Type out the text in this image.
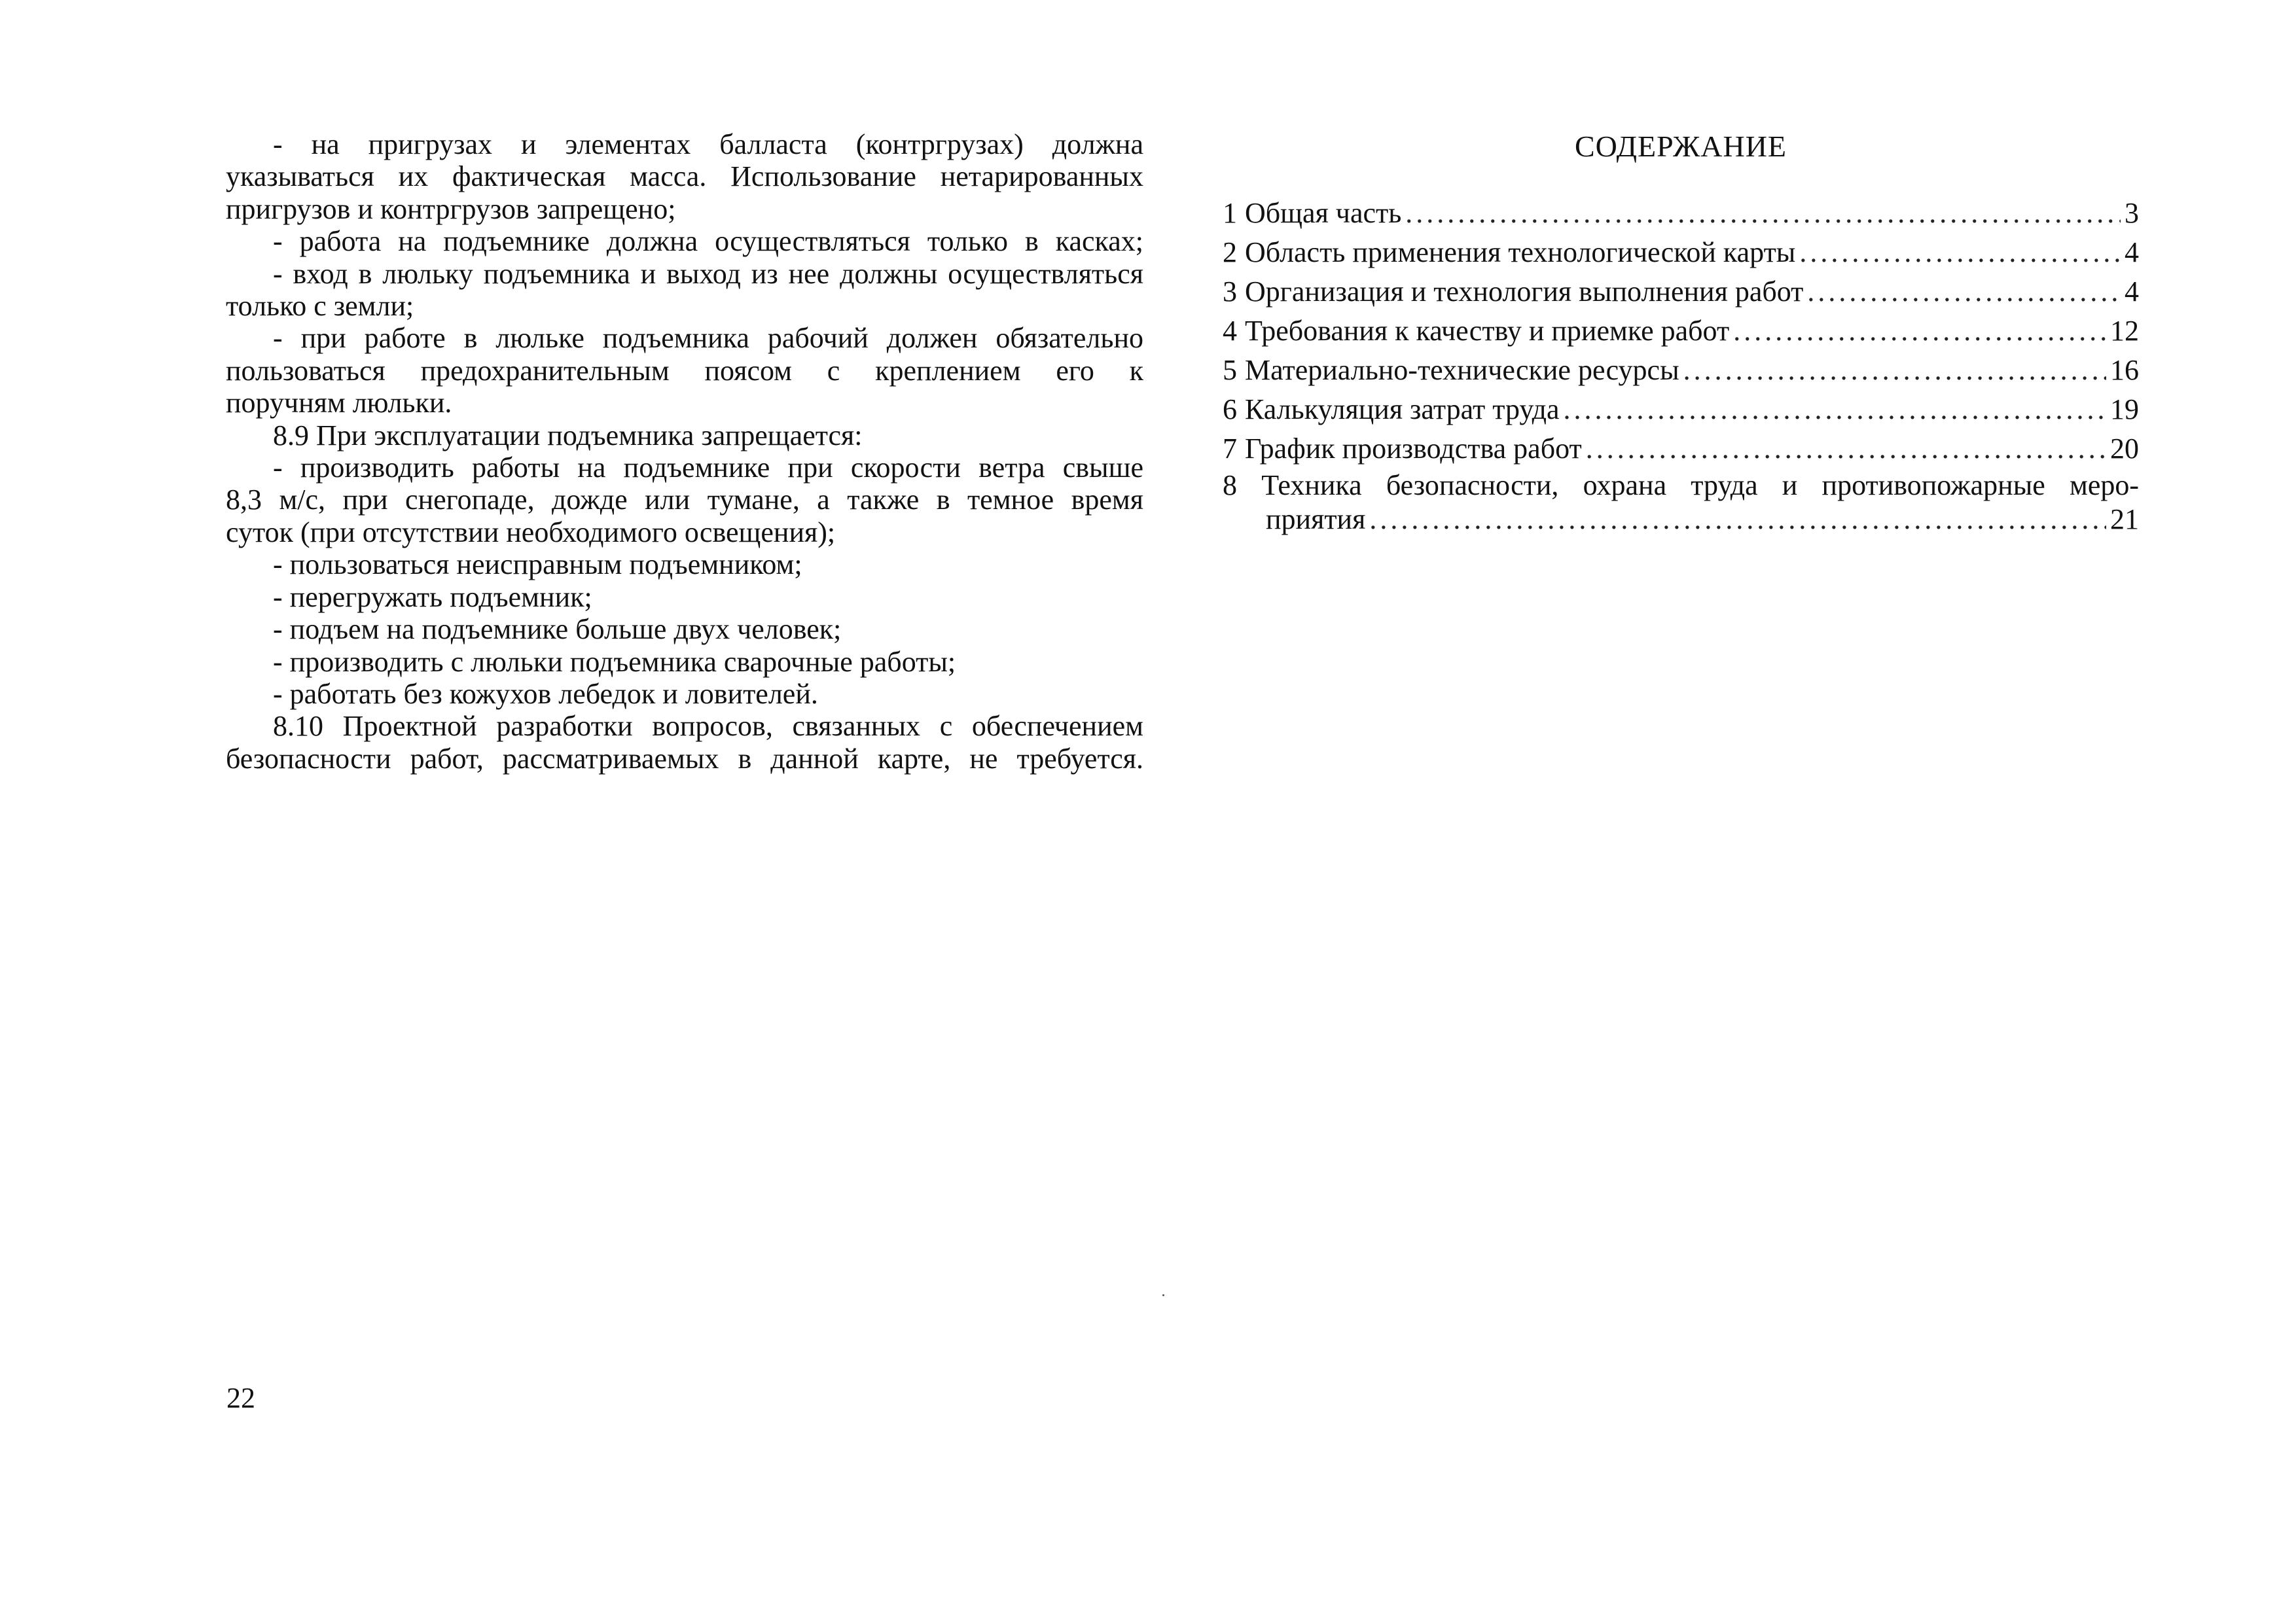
- на пригрузах и элементах балласта (контргрузах) должна
указываться их фактическая масса. Использование нетарированных
пригрузов и контргрузов запрещено;
- работа на подъемнике должна осуществляться только в касках;
- вход в люльку подъемника и выход из нее должны осуществляться
только с земли;
- при работе в люльке подъемника рабочий должен обязательно
пользоваться предохранительным поясом с креплением его к
поручням люльки.
8.9 При эксплуатации подъемника запрещается:
- производить работы на подъемнике при скорости ветра свыше
8,3 м/с, при снегопаде, дожде или тумане, а также в темное время
суток (при отсутствии необходимого освещения);
- пользоваться неисправным подъемником;
- перегружать подъемник;
- подъем на подъемнике больше двух человек;
- производить с люльки подъемника сварочные работы;
- работать без кожухов лебедок и ловителей.
8.10 Проектной разработки вопросов, связанных с обеспечением
безопасности работ, рассматриваемых в данной карте, не требуется.
СОДЕРЖАНИЕ
1 Общая часть . . .	3
2 Область применения технологической карты . . .	4
3 Организация и технология выполнения работ . . .	4
4 Требования к качеству и приемке работ . . .	12
5 Материально-технические ресурсы . . .	16
6 Калькуляция затрат труда . . .	19
7 График производства работ . . .	20
8 Техника безопасности, охрана труда и противопожарные меро-
приятия . . .	21
22
